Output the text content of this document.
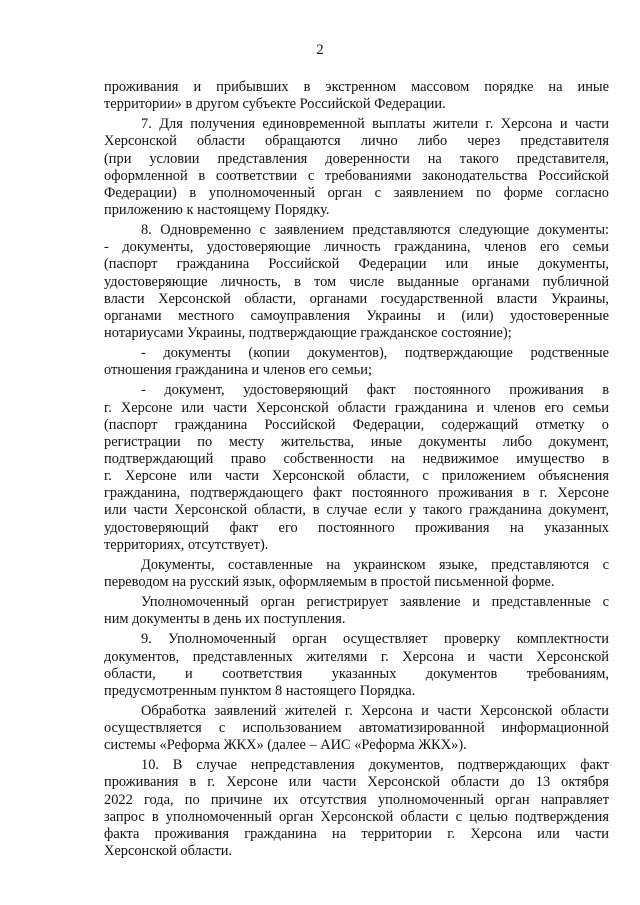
2
проживания и прибывших в экстренном массовом порядке на иные
территории» в другом субъекте Российской Федерации.
7. Для получения единовременной выплаты жители г. Херсона и части
Херсонской области обращаются лично либо через представителя
(при условии представления доверенности на такого представителя,
оформленной в соответствии с требованиями законодательства Российской
Федерации) в уполномоченный орган с заявлением по форме согласно
приложению к настоящему Порядку.
8. Одновременно с заявлением представляются следующие документы:
- документы, удостоверяющие личность гражданина, членов его семьи
(паспорт гражданина Российской Федерации или иные документы,
удостоверяющие личность, в том числе выданные органами публичной
власти Херсонской области, органами государственной власти Украины,
органами местного самоуправления Украины и (или) удостоверенные
нотариусами Украины, подтверждающие гражданское состояние);
- документы (копии документов), подтверждающие родственные
отношения гражданина и членов его семьи;
- документ, удостоверяющий факт постоянного проживания в
г. Херсоне или части Херсонской области гражданина и членов его семьи
(паспорт гражданина Российской Федерации, содержащий отметку о
регистрации по месту жительства, иные документы либо документ,
подтверждающий право собственности на недвижимое имущество в
г. Херсоне или части Херсонской области, с приложением объяснения
гражданина, подтверждающего факт постоянного проживания в г. Херсоне
или части Херсонской области, в случае если у такого гражданина документ,
удостоверяющий факт его постоянного проживания на указанных
территориях, отсутствует).
Документы, составленные на украинском языке, представляются с
переводом на русский язык, оформляемым в простой письменной форме.
Уполномоченный орган регистрирует заявление и представленные с
ним документы в день их поступления.
9. Уполномоченный орган осуществляет проверку комплектности
документов, представленных жителями г. Херсона и части Херсонской
области, и соответствия указанных документов требованиям,
предусмотренным пунктом 8 настоящего Порядка.
Обработка заявлений жителей г. Херсона и части Херсонской области
осуществляется с использованием автоматизированной информационной
системы «Реформа ЖКХ» (далее – АИС «Реформа ЖКХ»).
10. В случае непредставления документов, подтверждающих факт
проживания в г. Херсоне или части Херсонской области до 13 октября
2022 года, по причине их отсутствия уполномоченный орган направляет
запрос в уполномоченный орган Херсонской области с целью подтверждения
факта проживания гражданина на территории г. Херсона или части
Херсонской области.
